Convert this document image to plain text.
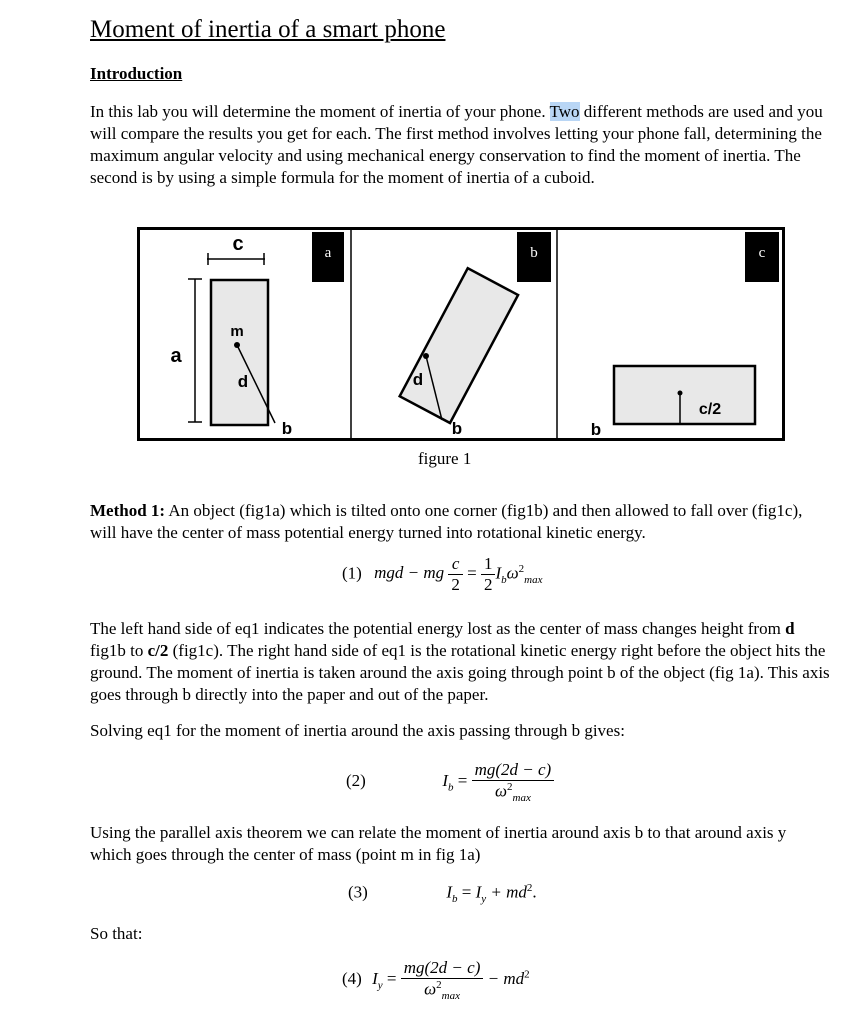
Moment of inertia of a smart phone
Introduction

In this lab you will determine the moment of inertia of your phone. Two different methods are used and you will compare the results you get for each. The first method involves letting your phone fall, determining the maximum angular velocity and using mechanical energy conservation to find the moment of inertia. The second is by using a simple formula for the moment of inertia of a cuboid.

a
c
a
m
d
b
b
d
b
c
c/2
b
figure 1

Method 1: An object (fig1a) which is tilted onto one corner (fig1b) and then allowed to fall over (fig1c), will have the center of mass potential energy turned into rotational kinetic energy.

(1) mgd − mg $\frac{c}{2} = \frac{1}{2} I_b\omega^2_{max}$

The left hand side of eq1 indicates the potential energy lost as the center of mass changes height from d fig1b to c/2 (fig1c). The right hand side of eq1 is the rotational kinetic energy right before the object hits the ground. The moment of inertia is taken around the axis going through point b of the object (fig 1a). This axis goes through b directly into the paper and out of the paper.

Solving eq1 for the moment of inertia around the axis passing through b gives:

(2)	$I_b = \frac{mg(2d - c)}{\omega^2_{max}}$

Using the parallel axis theorem we can relate the moment of inertia around axis b to that around axis y which goes through the center of mass (point m in fig 1a)

(3)	$I_b = I_y + md^2$.
So that:
(4) $I_y = \frac{mg(2d - c)}{\omega^2_{max}} - md^2$
